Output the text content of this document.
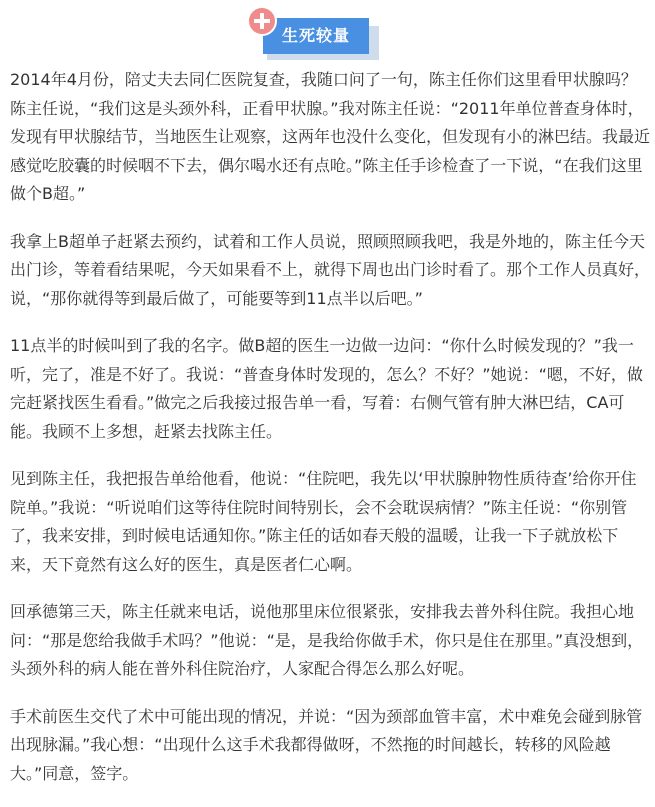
生死较量

2014年4月份，陪丈夫去同仁医院复查，我随口问了一句，陈主任你们这里看甲状腺吗？陈主任说，“我们这是头颈外科，正看甲状腺。”我对陈主任说：“2011年单位普查身体时，发现有甲状腺结节，当地医生让观察，这两年也没什么变化，但发现有小的淋巴结。我最近感觉吃胶囊的时候咽不下去，偶尔喝水还有点呛。”陈主任手诊检查了一下说，“在我们这里做个B超。”

我拿上B超单子赶紧去预约，试着和工作人员说，照顾照顾我吧，我是外地的，陈主任今天出门诊，等着看结果呢，今天如果看不上，就得下周也出门诊时看了。那个工作人员真好，说，“那你就得等到最后做了，可能要等到11点半以后吧。”

11点半的时候叫到了我的名字。做B超的医生一边做一边问：“你什么时候发现的？”我一听，完了，准是不好了。我说：“普查身体时发现的，怎么？不好？”她说：“嗯，不好，做完赶紧找医生看看。”做完之后我接过报告单一看，写着：右侧气管有肿大淋巴结，CA可能。我顾不上多想，赶紧去找陈主任。

见到陈主任，我把报告单给他看，他说：“住院吧，我先以‘甲状腺肿物性质待查’给你开住院单。”我说：“听说咱们这等待住院时间特别长，会不会耽误病情？”陈主任说：“你别管了，我来安排，到时候电话通知你。”陈主任的话如春天般的温暖，让我一下子就放松下来，天下竟然有这么好的医生，真是医者仁心啊。

回承德第三天，陈主任就来电话，说他那里床位很紧张，安排我去普外科住院。我担心地问：“那是您给我做手术吗？”他说：“是，是我给你做手术，你只是住在那里。”真没想到，头颈外科的病人能在普外科住院治疗，人家配合得怎么那么好呢。

手术前医生交代了术中可能出现的情况，并说：“因为颈部血管丰富，术中难免会碰到脉管出现脉漏。”我心想：“出现什么这手术我都得做呀，不然拖的时间越长，转移的风险越大。”同意，签字。
